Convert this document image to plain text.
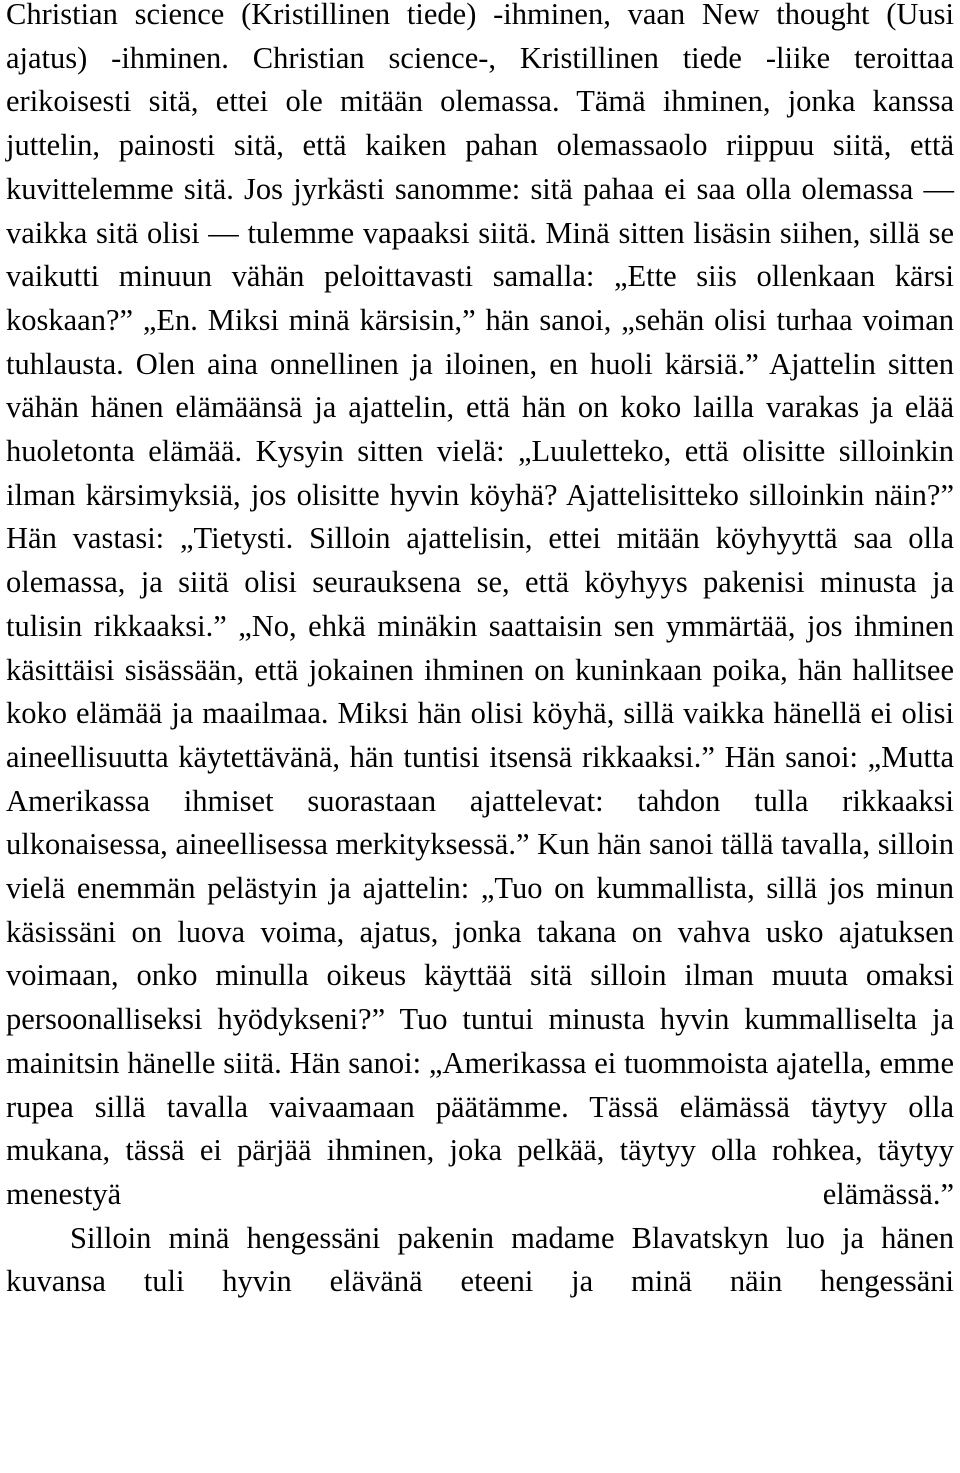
Christian science (Kristillinen tiede) -ihminen, vaan New thought (Uusi ajatus) -ihminen. Christian science-, Kristillinen tiede -liike teroittaa erikoisesti sitä, ettei ole mitään olemassa. Tämä ihminen, jonka kanssa juttelin, painosti sitä, että kaiken pahan olemassaolo riippuu siitä, että kuvittelemme sitä. Jos jyrkästi sanomme: sitä pahaa ei saa olla olemassa — vaikka sitä olisi — tulemme vapaaksi siitä. Minä sitten lisäsin siihen, sillä se vaikutti minuun vähän peloittavasti samalla: „Ette siis ollenkaan kärsi koskaan?” „En. Miksi minä kärsisin,” hän sanoi, „sehän olisi turhaa voiman tuhlausta. Olen aina onnellinen ja iloinen, en huoli kärsiä.” Ajattelin sitten vähän hänen elämäänsä ja ajattelin, että hän on koko lailla varakas ja elää huoletonta elämää. Kysyin sitten vielä: „Luuletteko, että olisitte silloinkin ilman kärsimyksiä, jos olisitte hyvin köyhä? Ajattelisitteko silloinkin näin?” Hän vastasi: „Tietysti. Silloin ajattelisin, ettei mitään köyhyyttä saa olla olemassa, ja siitä olisi seurauksena se, että köyhyys pakenisi minusta ja tulisin rikkaaksi.” „No, ehkä minäkin saattaisin sen ymmärtää, jos ihminen käsittäisi sisässään, että jokainen ihminen on kuninkaan poika, hän hallitsee koko elämää ja maailmaa. Miksi hän olisi köyhä, sillä vaikka hänellä ei olisi aineellisuutta käytettävänä, hän tuntisi itsensä rikkaaksi.” Hän sanoi: „Mutta Amerikassa ihmiset suorastaan ajattelevat: tahdon tulla rikkaaksi ulkonaisessa, aineellisessa merkityksessä.” Kun hän sanoi tällä tavalla, silloin vielä enemmän pelästyin ja ajattelin: „Tuo on kummallista, sillä jos minun käsissäni on luova voima, ajatus, jonka takana on vahva usko ajatuksen voimaan, onko minulla oikeus käyttää sitä silloin ilman muuta omaksi persoonalliseksi hyödykseni?” Tuo tuntui minusta hyvin kummalliselta ja mainitsin hänelle siitä. Hän sanoi: „Amerikassa ei tuommoista ajatella, emme rupea sillä tavalla vaivaamaan päätämme. Tässä elämässä täytyy olla mukana, tässä ei pärjää ihminen, joka pelkää, täytyy olla rohkea, täytyy menestyä elämässä.”

Silloin minä hengessäni pakenin madame Blavatskyn luo ja hänen kuvansa tuli hyvin elävänä eteeni ja minä näin hengessäni
